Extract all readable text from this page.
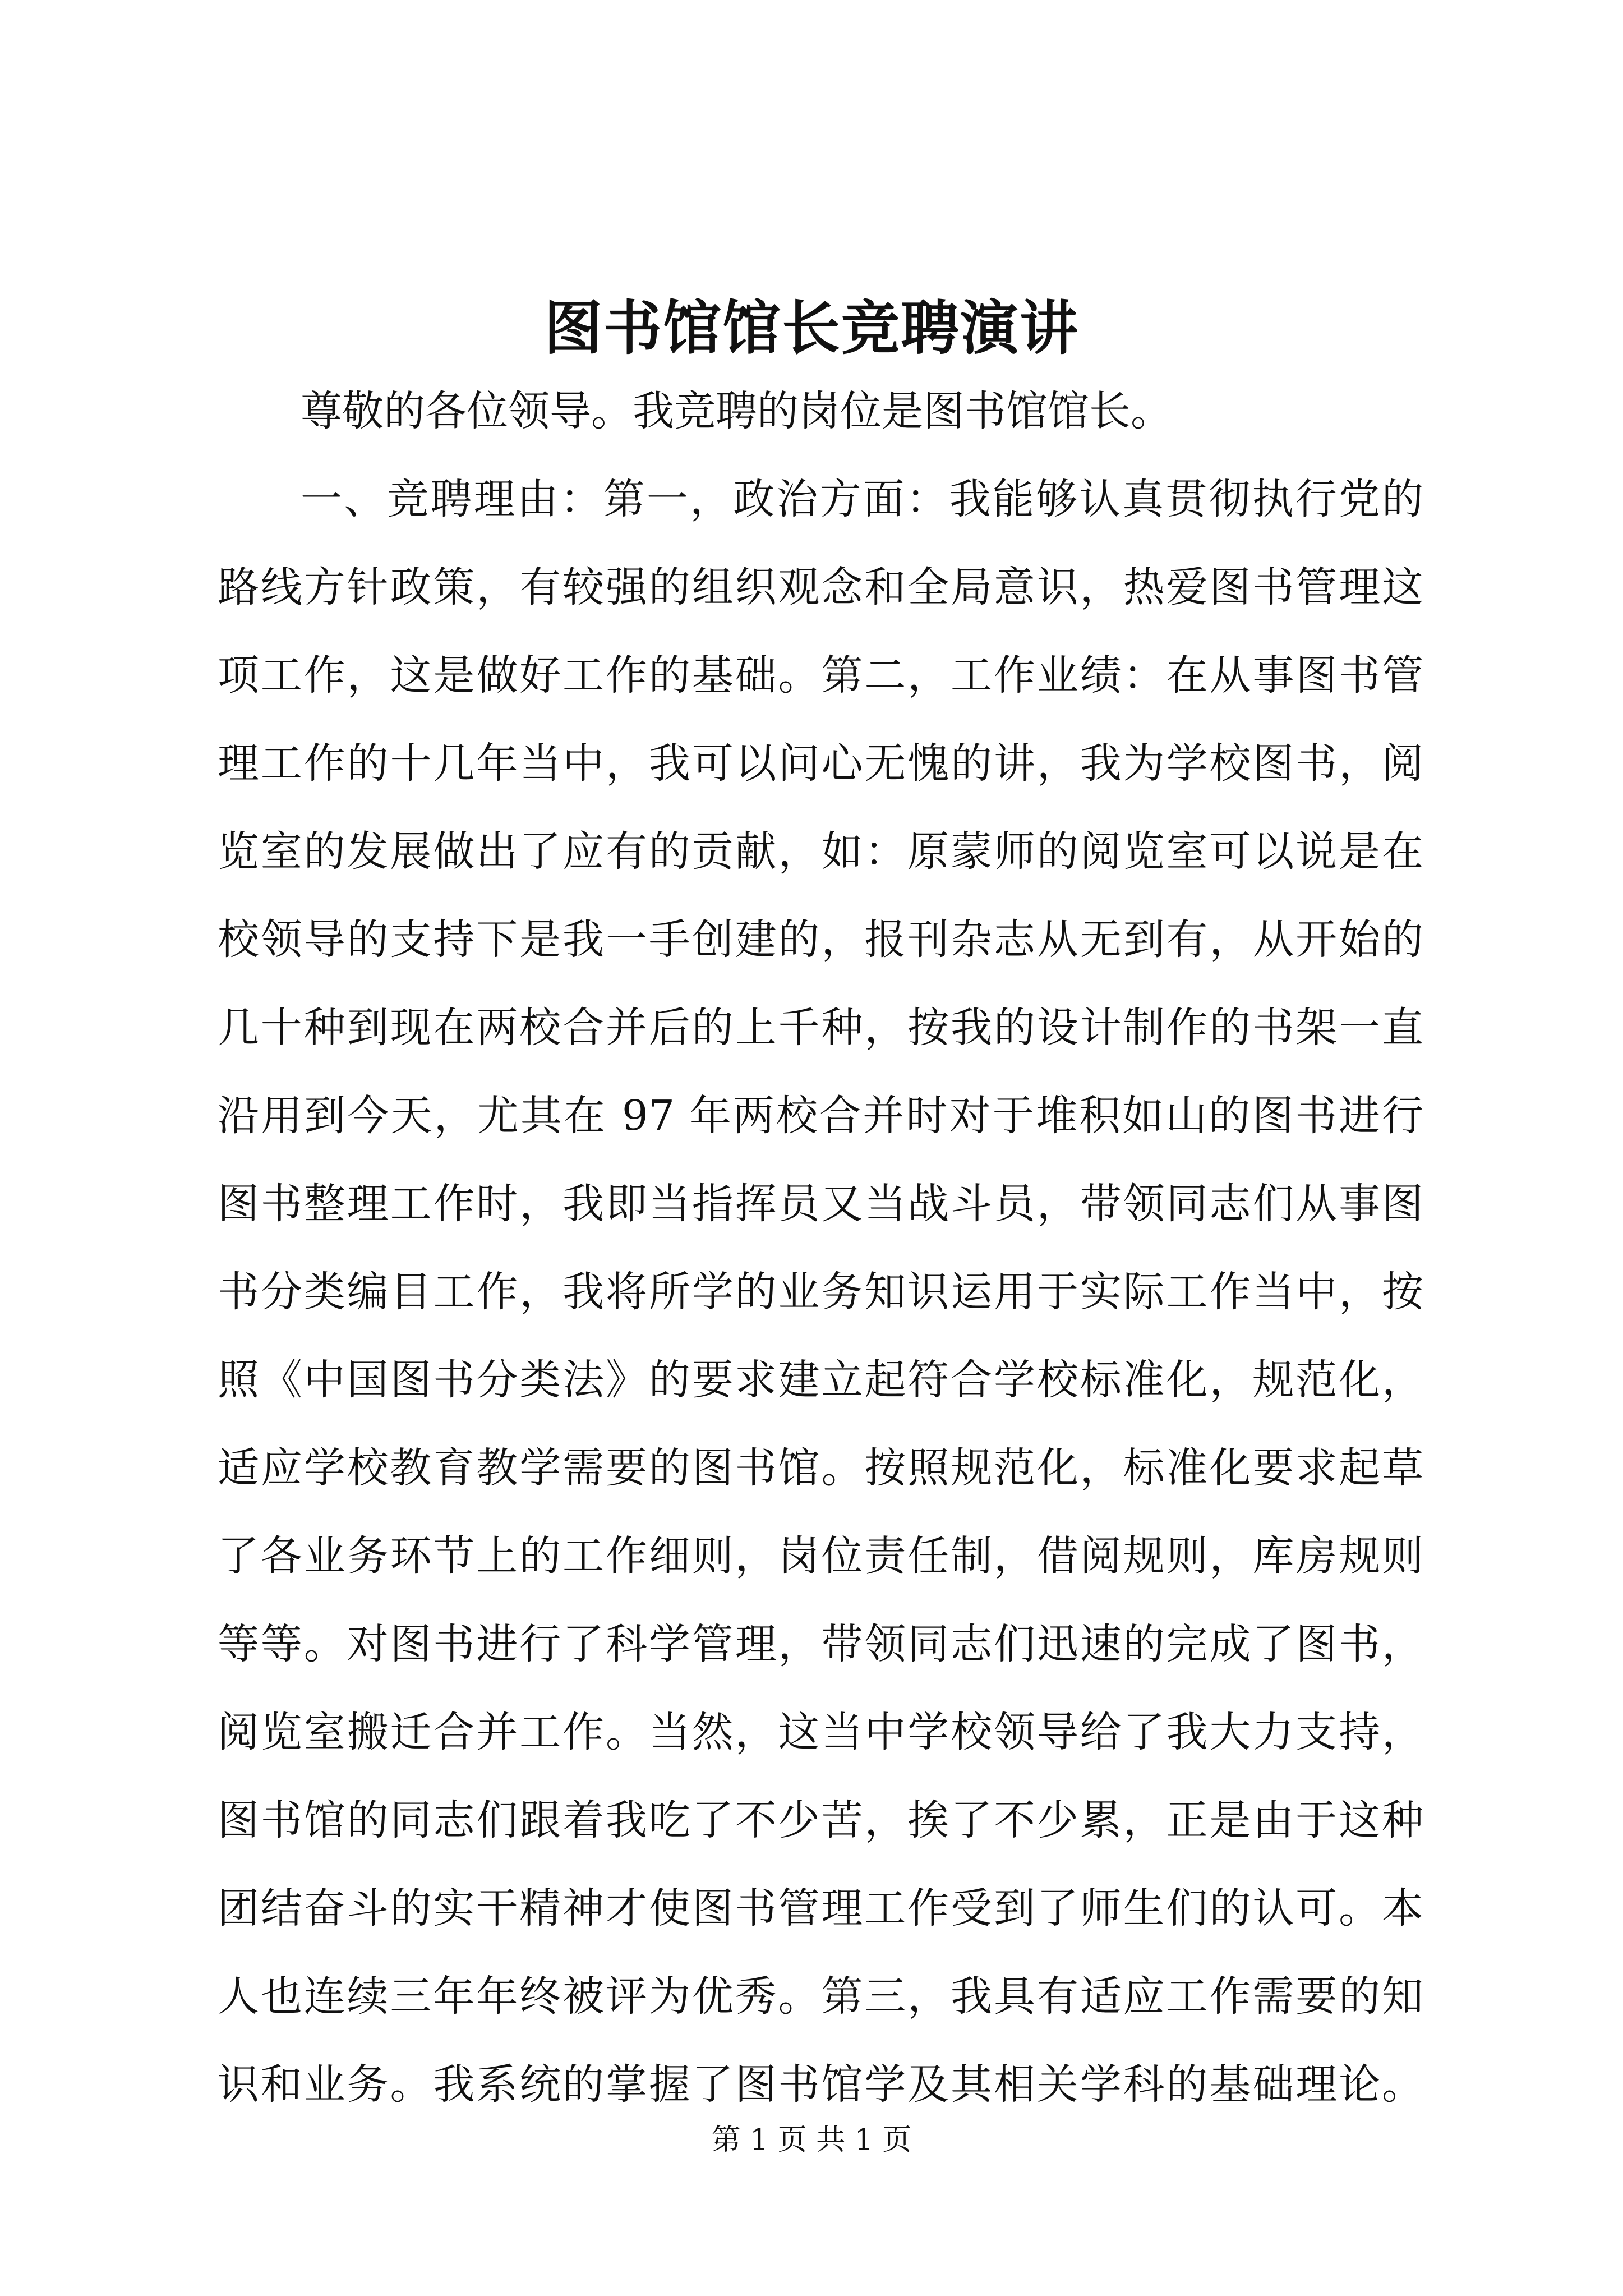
图书馆馆长竞聘演讲
尊敬的各位领导。我竞聘的岗位是图书馆馆长。
一、竞聘理由：第一，政治方面：我能够认真贯彻执行党的
路线方针政策，有较强的组织观念和全局意识，热爱图书管理这
项工作，这是做好工作的基础。第二，工作业绩：在从事图书管
理工作的十几年当中，我可以问心无愧的讲，我为学校图书，阅
览室的发展做出了应有的贡献，如：原蒙师的阅览室可以说是在
校领导的支持下是我一手创建的，报刊杂志从无到有，从开始的
几十种到现在两校合并后的上千种，按我的设计制作的书架一直
沿用到今天，尤其在 97 年两校合并时对于堆积如山的图书进行
图书整理工作时，我即当指挥员又当战斗员，带领同志们从事图
书分类编目工作，我将所学的业务知识运用于实际工作当中，按
照《中国图书分类法》的要求建立起符合学校标准化，规范化，
适应学校教育教学需要的图书馆。按照规范化，标准化要求起草
了各业务环节上的工作细则，岗位责任制，借阅规则，库房规则
等等。对图书进行了科学管理，带领同志们迅速的完成了图书，
阅览室搬迁合并工作。当然，这当中学校领导给了我大力支持，
图书馆的同志们跟着我吃了不少苦，挨了不少累，正是由于这种
团结奋斗的实干精神才使图书管理工作受到了师生们的认可。本
人也连续三年年终被评为优秀。第三，我具有适应工作需要的知
识和业务。我系统的掌握了图书馆学及其相关学科的基础理论。
第 1 页 共 1 页
